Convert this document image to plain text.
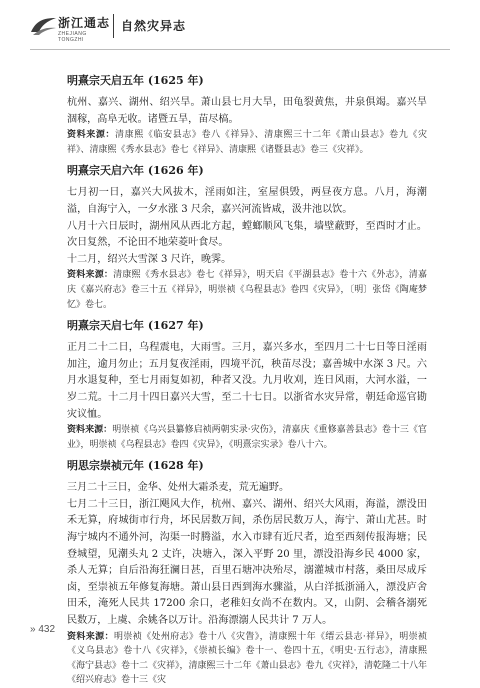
浙江通志
ZHEJIANG TONGZHI
自然灾异志
明熹宗天启五年 (1625 年)

杭州、嘉兴、湖州、绍兴旱。萧山县七月大旱，田龟裂黄焦，井泉俱竭。嘉兴旱涸稼，高阜无收。诸暨五旱，苗尽槁。

资料来源：清康熙《临安县志》卷八《祥异》、清康熙三十二年《萧山县志》卷九《灾祥》、清康熙《秀水县志》卷七《祥异》、清康熙《诸暨县志》卷三《灾祥》。

明熹宗天启六年 (1626 年)

七月初一日，嘉兴大风拔木，淫雨如注，室屋俱毁，两昼夜方息。八月，海潮溢，自海宁入，一夕水涨 3 尺余，嘉兴河流皆咸，汲井池以饮。

八月十六日辰时，湖州风从西北方起，螳螂顺风飞集，墙壁蔽野，至酉时才止。次日复然，不论田不地荣菱叶食尽。

十二月，绍兴大雪深 3 尺许，晚霁。

资料来源：清康熙《秀水县志》卷七《祥异》，明天启《平湖县志》卷十六《外志》，清嘉庆《嘉兴府志》卷三十五《祥异》，明崇祯《乌程县志》卷四《灾异》，〔明〕张岱《陶庵梦忆》卷七。

明熹宗天启七年 (1627 年)

正月二十二日，乌程震电，大雨雪。三月，嘉兴多水，至四月二十七日等日淫雨加注，逾月勿止；五月复夜淫雨，四境平沉，秧苗尽没；嘉善城中水深 3 尺。六月水退复种，至七月雨复如初，种者又没。九月收刈，连日风雨，大河水溢，一岁二荒。十二月十四日嘉兴大雪，至二十七日。以浙省水灾异常，朝廷命巡官勘灾议恤。

资料来源：明崇祯《乌兴县纂修启祯两朝实录·灾伤》，清嘉庆《重修嘉善县志》卷十三《官业》，明崇祯《乌程县志》卷四《灾异》，《明熹宗实录》卷八十六。

明思宗崇祯元年 (1628 年)

三月二十三日，金华、处州大霜杀麦，荒无遍野。

七月二十三日，浙江飓风大作，杭州、嘉兴、湖州、绍兴大风雨，海溢，漂没田禾无算，府城街市行舟，坏民居数万间，杀伤居民数万人，海宁、萧山尤甚。时海宁城内不通外河，沟渠一时腾溢，水入市肆有近尺者，迨至西刻传报海塘；民登城望，见潮头丸 2 丈许，决塘入，深入平野 20 里，漂没沿海乡民 4000 家，杀人无算；自后沿海狂澜日甚，百里石塘冲决殆尽，溺灌城市村落，桑田尽成斥卤，至崇祯五年修复海塘。萧山县日西到海水骤溢，从白洋抵浙涌入，漂没庐舍田禾，淹死人民共 17200 余口，老稚妇女尚不在数内。又，山阴、会稽各溺死民数万，上虞、余姚各以万计。沿海漂溺人民共计 7 万人。

资料来源：明崇祯《处州府志》卷十八《灾眚》，清康熙十年《缙云县志·祥异》，明崇祯《义乌县志》卷十八《灾祥》，《崇祯长编》卷十一、卷四十五，《明史·五行志》，清康熙《海宁县志》卷十二《灾祥》，清康熙三十二年《萧山县志》卷九《灾祥》，清乾隆二十八年《绍兴府志》卷十三《灾

» 432
